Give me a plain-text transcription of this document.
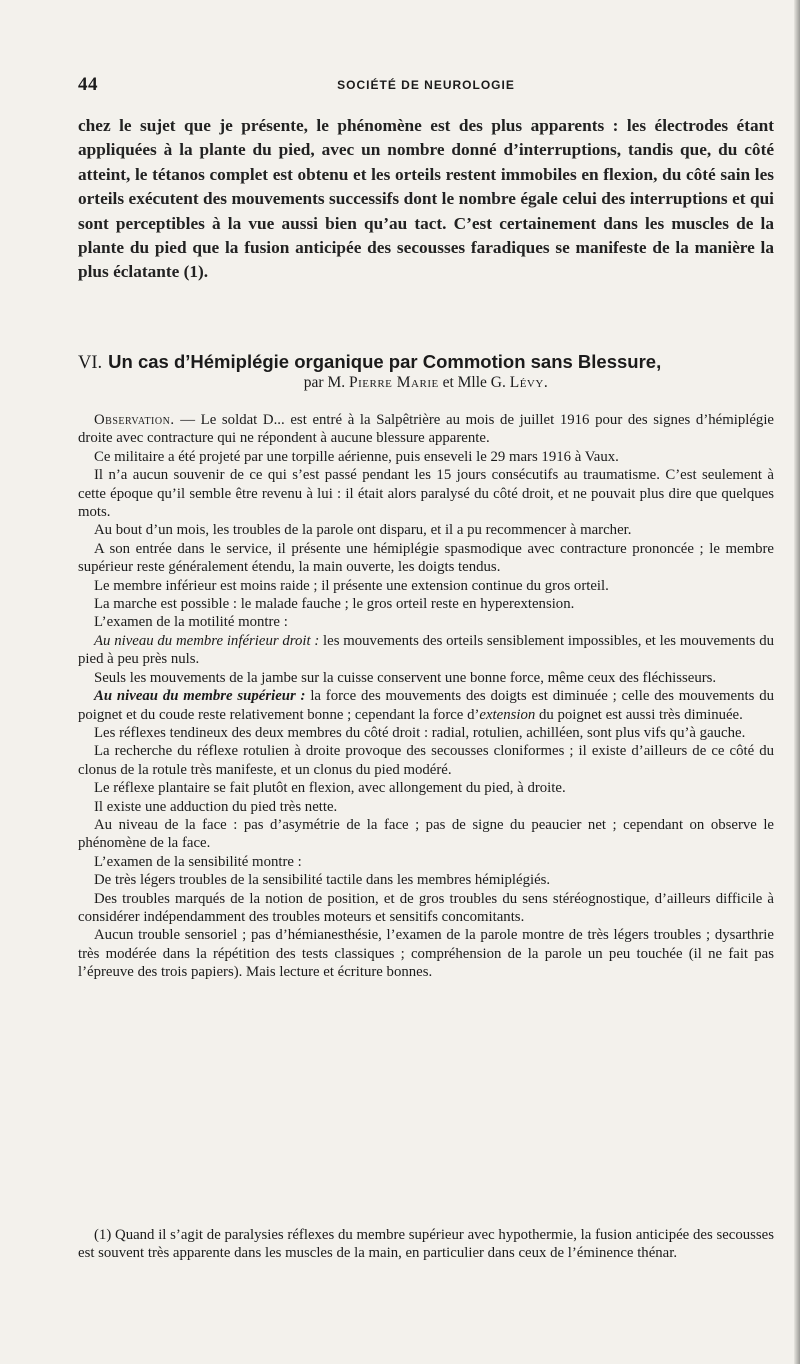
44	SOCIÉTÉ DE NEUROLOGIE

chez le sujet que je présente, le phénomène est des plus apparents : les électrodes étant appliquées à la plante du pied, avec un nombre donné d’interruptions, tandis que, du côté atteint, le tétanos complet est obtenu et les orteils restent immobiles en flexion, du côté sain les orteils exécutent des mouvements successifs dont le nombre égale celui des interruptions et qui sont perceptibles à la vue aussi bien qu’au tact. C’est certainement dans les muscles de la plante du pied que la fusion anticipée des secousses faradiques se manifeste de la manière la plus éclatante (1).

VI. Un cas d’Hémiplégie organique par Commotion sans Blessure,
par M. Pierre Marie et Mlle G. Lévy.

Observation. — Le soldat D... est entré à la Salpêtrière au mois de juillet 1916 pour des signes d’hémiplégie droite avec contracture qui ne répondent à aucune blessure apparente.

Ce militaire a été projeté par une torpille aérienne, puis enseveli le 29 mars 1916 à Vaux.

Il n’a aucun souvenir de ce qui s’est passé pendant les 15 jours consécutifs au traumatisme. C’est seulement à cette époque qu’il semble être revenu à lui : il était alors paralysé du côté droit, et ne pouvait plus dire que quelques mots.

Au bout d’un mois, les troubles de la parole ont disparu, et il a pu recommencer à marcher.

A son entrée dans le service, il présente une hémiplégie spasmodique avec contracture prononcée ; le membre supérieur reste généralement étendu, la main ouverte, les doigts tendus.

Le membre inférieur est moins raide ; il présente une extension continue du gros orteil.

La marche est possible : le malade fauche ; le gros orteil reste en hyperextension.

L’examen de la motilité montre :

Au niveau du membre inférieur droit : les mouvements des orteils sensiblement impossibles, et les mouvements du pied à peu près nuls.

Seuls les mouvements de la jambe sur la cuisse conservent une bonne force, même ceux des fléchisseurs.

Au niveau du membre supérieur : la force des mouvements des doigts est diminuée ; celle des mouvements du poignet et du coude reste relativement bonne ; cependant la force d’extension du poignet est aussi très diminuée.

Les réflexes tendineux des deux membres du côté droit : radial, rotulien, achilléen, sont plus vifs qu’à gauche.

La recherche du réflexe rotulien à droite provoque des secousses cloniformes ; il existe d’ailleurs de ce côté du clonus de la rotule très manifeste, et un clonus du pied modéré.

Le réflexe plantaire se fait plutôt en flexion, avec allongement du pied, à droite.

Il existe une adduction du pied très nette.

Au niveau de la face : pas d’asymétrie de la face ; pas de signe du peaucier net ; cependant on observe le phénomène de la face.

L’examen de la sensibilité montre :

De très légers troubles de la sensibilité tactile dans les membres hémiplégiés.

Des troubles marqués de la notion de position, et de gros troubles du sens stéréognostique, d’ailleurs difficile à considérer indépendamment des troubles moteurs et sensitifs concomitants.

Aucun trouble sensoriel ; pas d’hémianesthésie, l’examen de la parole montre de très légers troubles ; dysarthrie très modérée dans la répétition des tests classiques ; compréhension de la parole un peu touchée (il ne fait pas l’épreuve des trois papiers). Mais lecture et écriture bonnes.

(1) Quand il s’agit de paralysies réflexes du membre supérieur avec hypothermie, la fusion anticipée des secousses est souvent très apparente dans les muscles de la main, en particulier dans ceux de l’éminence thénar.
